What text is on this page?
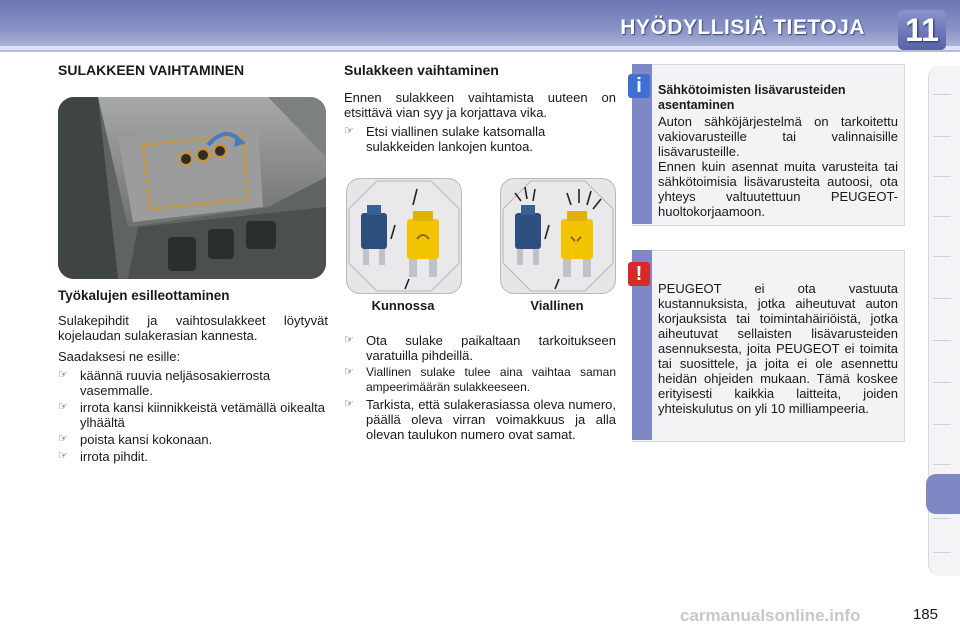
HYÖDYLLISIÄ TIETOJA 11
SULAKKEEN VAIHTAMINEN
Työkalujen esilleottaminen

Sulakepihdit ja vaihtosulakkeet löytyvät kojelaudan sulakerasian kannesta.

Saadaksesi ne esille:

☞ käännä ruuvia neljäsosakierrosta vasemmalle.
☞ irrota kansi kiinnikkeistä vetämällä oikealta ylhäältä
☞ poista kansi kokonaan.
☞ irrota pihdit.
Sulakkeen vaihtaminen

Ennen sulakkeen vaihtamista uuteen on etsittävä vian syy ja korjattava vika.

☞ Etsi viallinen sulake katsomalla sulakkeiden lankojen kuntoa.
Kunnossa	Viallinen
☞ Ota sulake paikaltaan tarkoitukseen varatuilla pihdeillä.
☞ Viallinen sulake tulee aina vaihtaa saman ampeerimäärän sulakkeeseen.
☞ Tarkista, että sulakerasiassa oleva numero, päällä oleva virran voimakkuus ja alla olevan taulukon numero ovat samat.
i	Sähkötoimisten lisävarusteiden asentaminen
Auton sähköjärjestelmä on tarkoitettu vakiovarusteille tai valinnaisille lisävarusteille.
Ennen kuin asennat muita varusteita tai sähkötoimisia lisävarusteita autoosi, ota yhteys valtuutettuun PEUGEOT-huoltokorjaamoon.
!
PEUGEOT ei ota vastuuta kustannuksista, jotka aiheutuvat auton korjauksista tai toimintahäiriöistä, jotka aiheutuvat sellaisten lisävarusteiden asennuksesta, joita PEUGEOT ei toimita tai suosittele, ja joita ei ole asennettu heidän ohjeiden mukaan. Tämä koskee erityisesti kaikkia laitteita, joiden yhteiskulutus on yli 10 milliampeeria.
carmanualsonline.info	185
